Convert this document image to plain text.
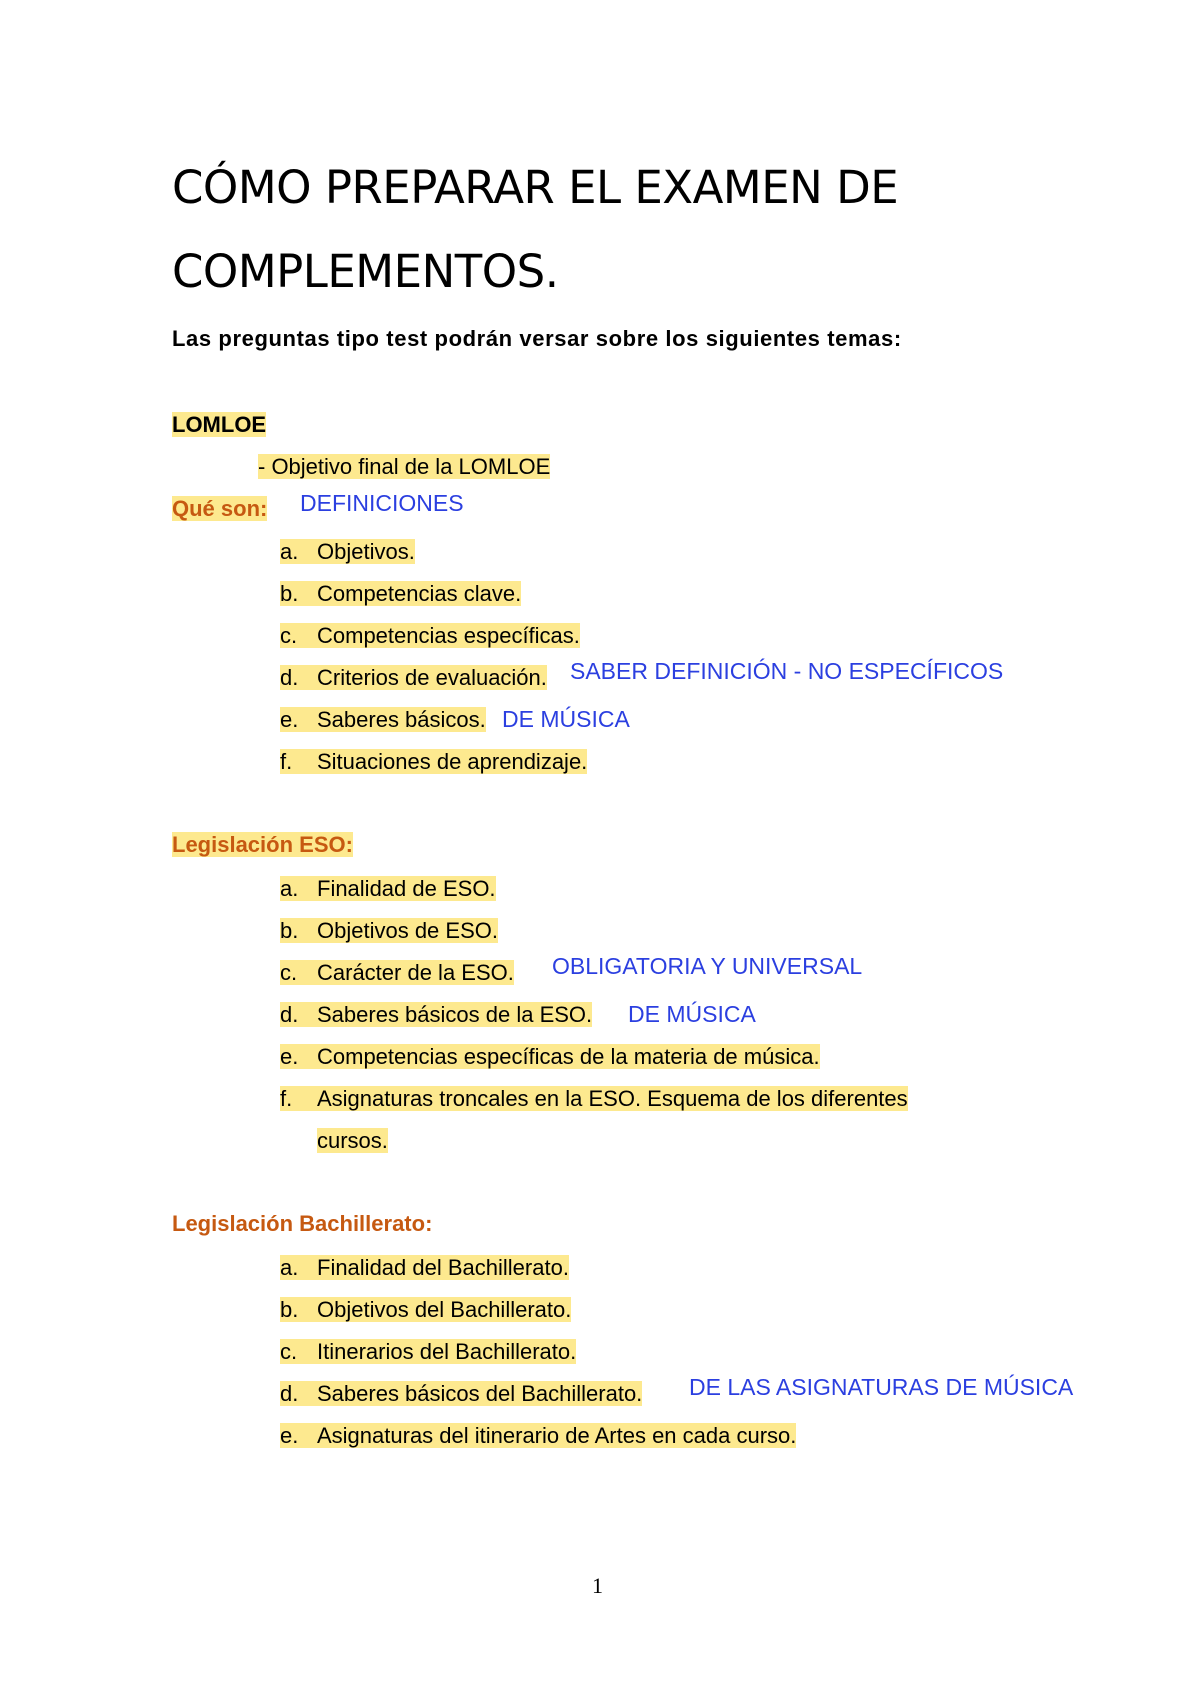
CÓMO PREPARAR EL EXAMEN DE
COMPLEMENTOS.
Las preguntas tipo test podrán versar sobre los siguientes temas:
LOMLOE
- Objetivo final de la LOMLOE
Qué son: DEFINICIONES
a. Objetivos.
b. Competencias clave.
c. Competencias específicas.
d. Criterios de evaluación. SABER DEFINICIÓN - NO ESPECÍFICOS
e. Saberes básicos. DE MÚSICA
f. Situaciones de aprendizaje.
Legislación ESO:
a. Finalidad de ESO.
b. Objetivos de ESO.
c. Carácter de la ESO. OBLIGATORIA Y UNIVERSAL
d. Saberes básicos de la ESO. DE MÚSICA
e. Competencias específicas de la materia de música.
f. Asignaturas troncales en la ESO. Esquema de los diferentes
cursos.
Legislación Bachillerato:
a. Finalidad del Bachillerato.
b. Objetivos del Bachillerato.
c. Itinerarios del Bachillerato.
d. Saberes básicos del Bachillerato. DE LAS ASIGNATURAS DE MÚSICA
e. Asignaturas del itinerario de Artes en cada curso.
1
